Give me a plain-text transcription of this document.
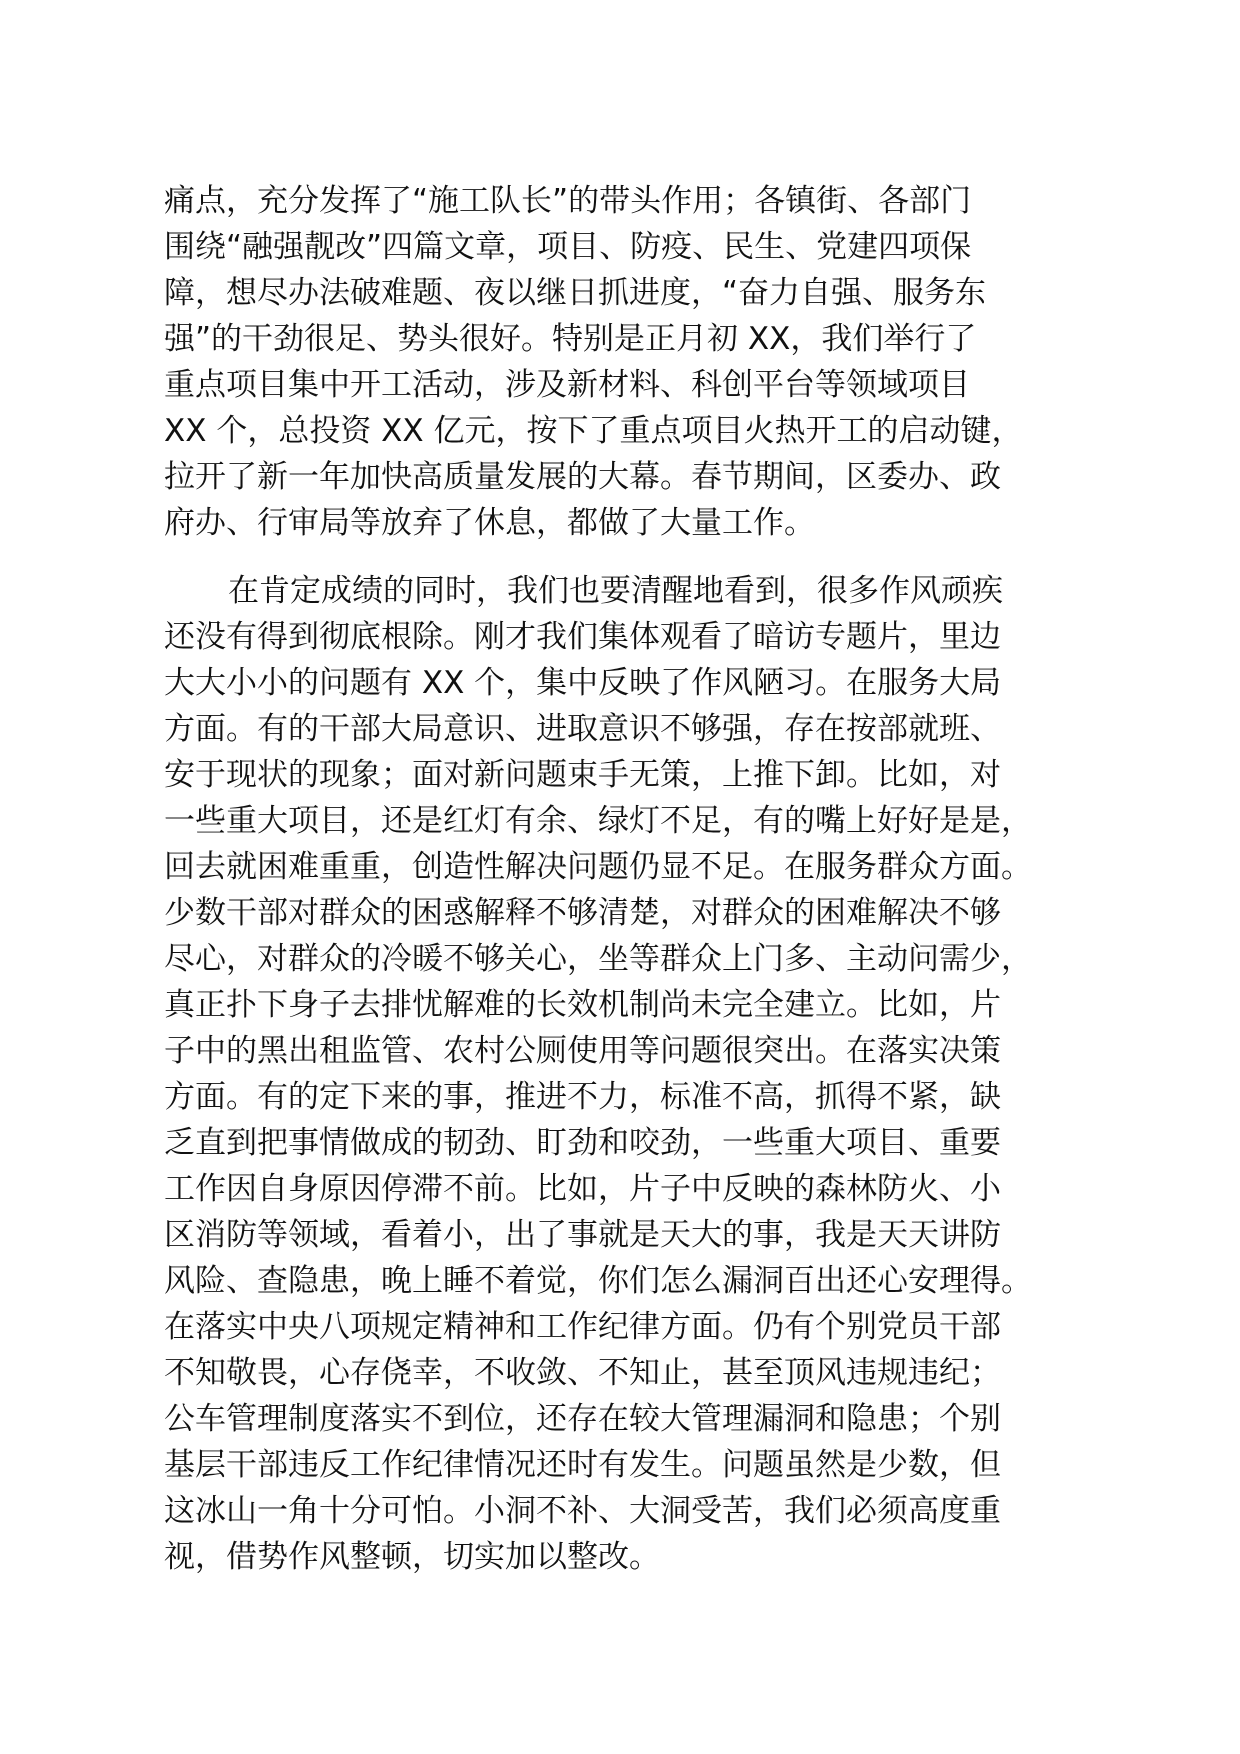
痛点，充分发挥了“施工队长”的带头作用；各镇街、各部门
围绕“融强靓改”四篇文章，项目、防疫、民生、党建四项保
障，想尽办法破难题、夜以继日抓进度，“奋力自强、服务东
强”的干劲很足、势头很好。特别是正月初 XX，我们举行了
重点项目集中开工活动，涉及新材料、科创平台等领域项目
XX 个，总投资 XX 亿元，按下了重点项目火热开工的启动键，
拉开了新一年加快高质量发展的大幕。春节期间，区委办、政
府办、行审局等放弃了休息，都做了大量工作。
在肯定成绩的同时，我们也要清醒地看到，很多作风顽疾
还没有得到彻底根除。刚才我们集体观看了暗访专题片，里边
大大小小的问题有 XX 个，集中反映了作风陋习。在服务大局
方面。有的干部大局意识、进取意识不够强，存在按部就班、
安于现状的现象；面对新问题束手无策，上推下卸。比如，对
一些重大项目，还是红灯有余、绿灯不足，有的嘴上好好是是，
回去就困难重重，创造性解决问题仍显不足。在服务群众方面。
少数干部对群众的困惑解释不够清楚，对群众的困难解决不够
尽心，对群众的冷暖不够关心，坐等群众上门多、主动问需少，
真正扑下身子去排忧解难的长效机制尚未完全建立。比如，片
子中的黑出租监管、农村公厕使用等问题很突出。在落实决策
方面。有的定下来的事，推进不力，标准不高，抓得不紧，缺
乏直到把事情做成的韧劲、盯劲和咬劲，一些重大项目、重要
工作因自身原因停滞不前。比如，片子中反映的森林防火、小
区消防等领域，看着小，出了事就是天大的事，我是天天讲防
风险、查隐患，晚上睡不着觉，你们怎么漏洞百出还心安理得。
在落实中央八项规定精神和工作纪律方面。仍有个别党员干部
不知敬畏，心存侥幸，不收敛、不知止，甚至顶风违规违纪；
公车管理制度落实不到位，还存在较大管理漏洞和隐患；个别
基层干部违反工作纪律情况还时有发生。问题虽然是少数，但
这冰山一角十分可怕。小洞不补、大洞受苦，我们必须高度重
视，借势作风整顿，切实加以整改。
